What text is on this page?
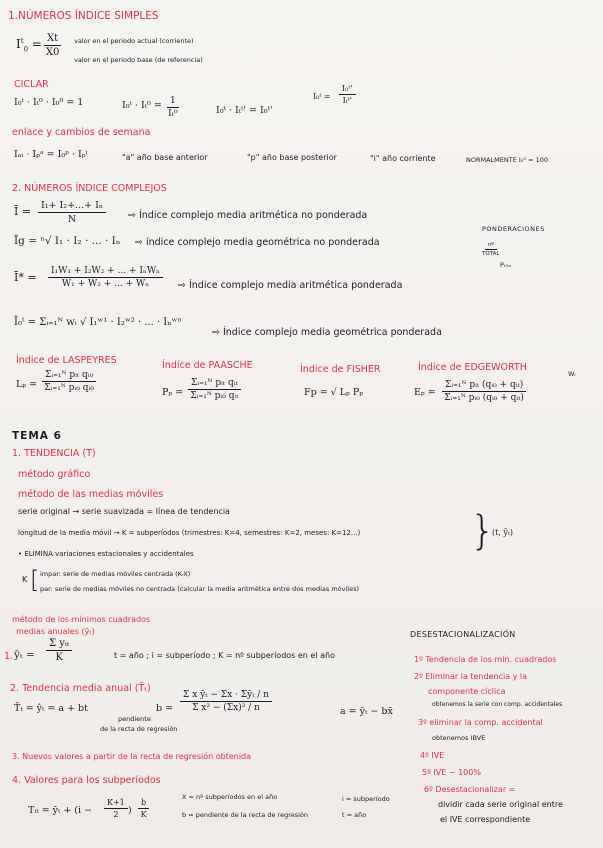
1.NÚMEROS ÍNDICE SIMPLES
$I^t_0 = \frac{Xt}{X0}$ valor en el periodo actual (corriente)
valor en el periodo base (de referencia)
CICLAR
I₀ᵗ · Iₜ⁰ · I₀⁰ = 1	I₀ᵗ · $I_t^0 = \frac{1}{\text{Iₜ⁰}}$	I₀ᵗ · Iₜᵗ' = I₀ᵗ'
I₀ᵗ =
I₀ᵗ'
Iₜᵗ'
enlace y cambios de semana
Iₐᵢ · Iₚᵃ = I₀ᵖ · Iₚⁱ	"a" año base anterior	"p" año base posterior	"i" año corriente	NORMALMENTE I₀⁰ = 100
2. NÚMEROS ÍNDICE COMPLEJOS
Ī = $\frac{\text{I₁+ I₂+...+ Iₙ}}{N}$ ⇨ Índice complejo media aritmética no ponderada
Īg = ⁿ√ I₁ · I₂ · ... · Iₙ ⇨ índice complejo media geométrica no ponderada
PONDERACIONES
nº
TOTAL
Pₜ₀ₓ
Ī* =	I₁W₁ + I₂W₂ + ... + IₙWₙ
W₁ + W₂ + ... + Wₙ	⇨ Índice complejo media aritmética ponderada
Ī₀ᵗ = Σᵢ₌₁ᴺ wᵢ √ I₁ʷ¹ · I₂ʷ² · ... · Iₙʷⁿ
⇨ Índice complejo media geométrica ponderada
Índice de LASPEYRES
Lₚ =
Σᵢ₌₁ᴺ pᵢₜ qᵢ₀
Σᵢ₌₁ᴺ pᵢ₀ qᵢ₀
Índice de PAASCHE
Pₚ =
Σᵢ₌₁ᴺ pᵢₜ qᵢₜ
Σᵢ₌₁ᴺ pᵢ₀ qᵢₜ
Índice de FISHER
Fp = √ Lₚ Pₚ
Índice de EDGEWORTH
Wᵢ
Eₚ =
Σᵢ₌₁ᴺ pᵢₜ (qᵢ₀ + qᵢₜ)
Σᵢ₌₁ᴺ pᵢ₀ (qᵢ₀ + qᵢₜ)
TEMA 6
1. TENDENCIA (T)
método gráfico
método de las medias móviles
serie original → serie suavizada = línea de tendencia
longitud de la media móvil → K = subperíodos (trimestres: K=4, semestres: K=2, meses: K=12...)
• ELIMINA variaciones estacionales y accidentales	}
(t, ȳₜ)
K [ impar: serie de medias móviles centrada (K-X)
par: serie de medias móviles no centrada (calcular la media aritmética entre dos medias móviles)
método de los mínimos cuadrados
medias anuales (ȳₜ)
1. ȳₜ =
Σ yᵢₜ
K	t = año ; i = subperíodo ; K = nº subperíodos en el año
2. Tendencia media anual (T̄ₜ)
T̄ₜ = ŷₜ = a + bt	b =
Σ x ȳₜ − Σx · Σȳₜ / n
Σ x² − (Σx)² / n
pendiente
de la recta de regresión
a = ȳₜ − bx̄
3. Nuevos valores a partir de la recta de regresión obtenida
4. Valores para los subperíodos
Tᵢₜ = ȳₜ + ($i - \frac{K+1}{2}$ ) $\frac{b}{K}$
X = nº subperíodos en el año
b = pendiente de la recta de regresión
i = subperíodo
t = año
DESESTACIONALIZACIÓN
1º Tendencia de los mín. cuadrados
2º Eliminar la tendencia y la
componente cíclica
obtenemos la serie con comp. accidentales
3º eliminar la comp. accidental
obtenemos IBVE
4º IVE
5º IVE − 100%
6º Desestacionalizar =
dividir cada serie original entre
el IVE correspondiente
